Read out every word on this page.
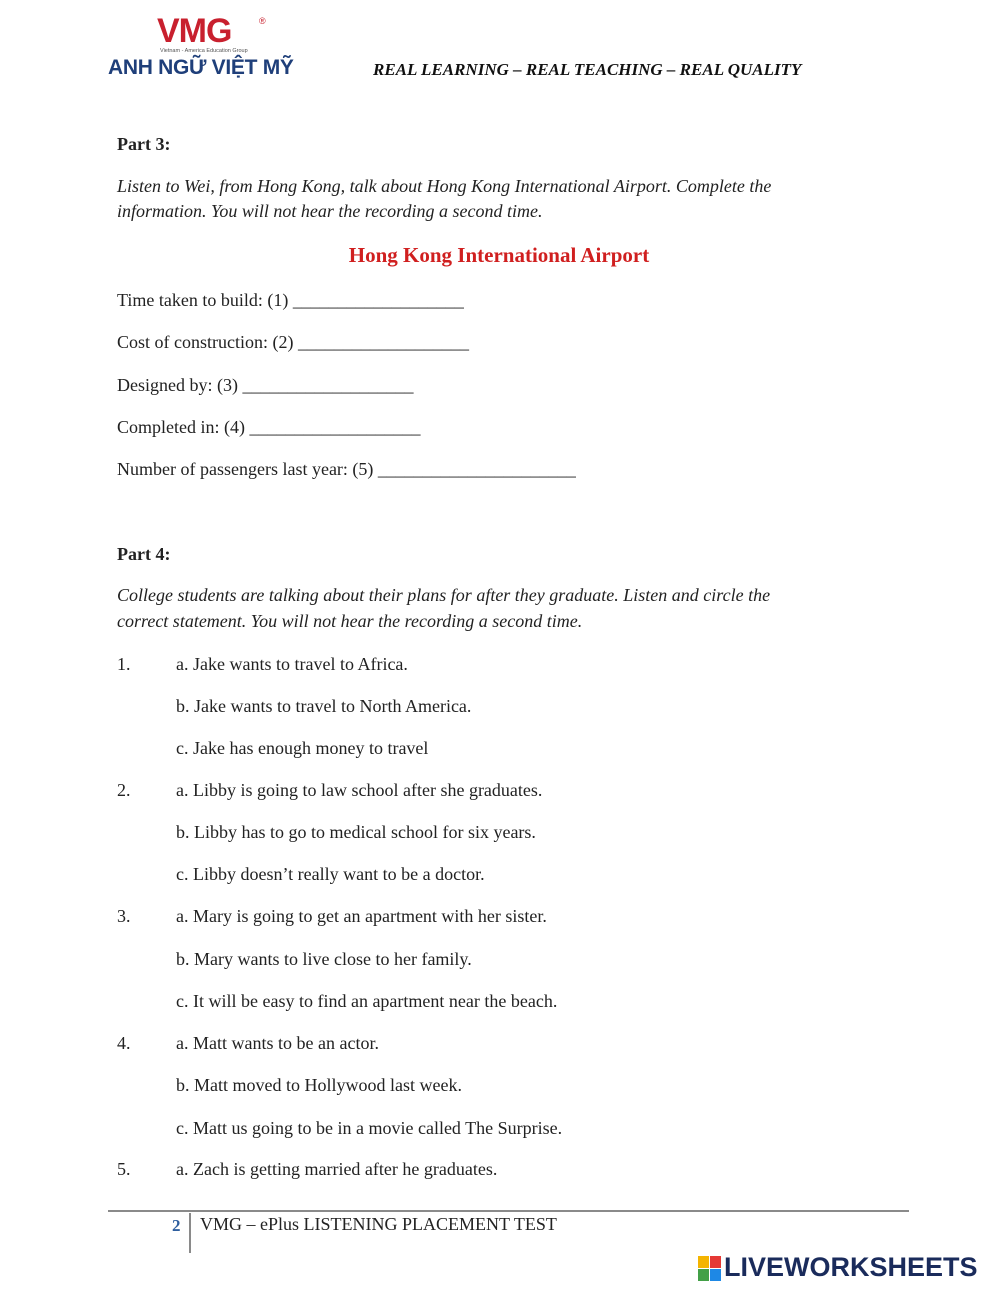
VMG	®
Vietnam - America Education Group
ANH NGỮ VIỆT MỸ	REAL LEARNING – REAL TEACHING – REAL QUALITY
Part 3:
Listen to Wei, from Hong Kong, talk about Hong Kong International Airport. Complete the
information. You will not hear the recording a second time.
Hong Kong International Airport
Time taken to build: (1) ___________________
Cost of construction: (2) ___________________
Designed by: (3) ___________________
Completed in: (4) ___________________
Number of passengers last year: (5) ______________________
Part 4:
College students are talking about their plans for after they graduate. Listen and circle the
correct statement. You will not hear the recording a second time.
1.	a. Jake wants to travel to Africa.
b. Jake wants to travel to North America.
c. Jake has enough money to travel
2.	a. Libby is going to law school after she graduates.
b. Libby has to go to medical school for six years.
c. Libby doesn’t really want to be a doctor.
3.	a. Mary is going to get an apartment with her sister.
b. Mary wants to live close to her family.
c. It will be easy to find an apartment near the beach.
4.	a. Matt wants to be an actor.
b. Matt moved to Hollywood last week.
c. Matt us going to be in a movie called The Surprise.
5.	a. Zach is getting married after he graduates.
2 VMG – ePlus LISTENING PLACEMENT TEST
LIVEWORKSHEETS
